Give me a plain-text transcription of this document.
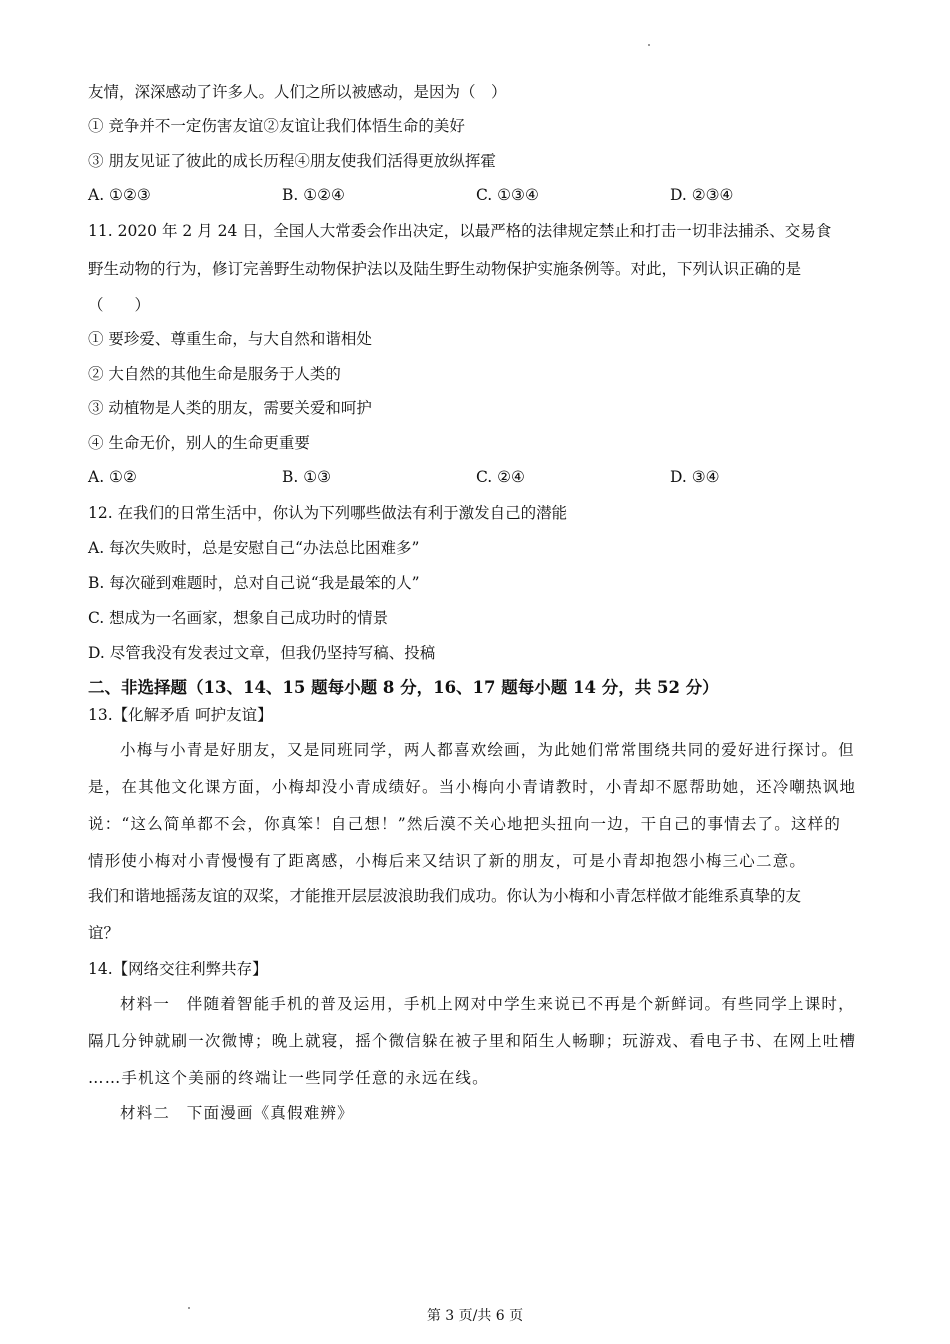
友情，深深感动了许多人。人们之所以被感动，是因为（　）
① 竞争并不一定伤害友谊②友谊让我们体悟生命的美好
③ 朋友见证了彼此的成长历程④朋友使我们活得更放纵挥霍
A. ①②③	B. ①②④	C. ①③④	D. ②③④
11. 2020 年 2 月 24 日，全国人大常委会作出决定，以最严格的法律规定禁止和打击一切非法捕杀、交易食
野生动物的行为，修订完善野生动物保护法以及陆生野生动物保护实施条例等。对此，下列认识正确的是
（　　）
① 要珍爱、尊重生命，与大自然和谐相处
② 大自然的其他生命是服务于人类的
③ 动植物是人类的朋友，需要关爱和呵护
④ 生命无价，别人的生命更重要
A. ①②	B. ①③	C. ②④	D. ③④
12. 在我们的日常生活中，你认为下列哪些做法有利于激发自己的潜能
A. 每次失败时，总是安慰自己“办法总比困难多”
B. 每次碰到难题时，总对自己说“我是最笨的人”
C. 想成为一名画家，想象自己成功时的情景
D. 尽管我没有发表过文章，但我仍坚持写稿、投稿
二、非选择题（13、14、15 题每小题 8 分，16、17 题每小题 14 分，共 52 分）
13.【化解矛盾 呵护友谊】
小梅与小青是好朋友，又是同班同学，两人都喜欢绘画，为此她们常常围绕共同的爱好进行探讨。但
是，在其他文化课方面，小梅却没小青成绩好。当小梅向小青请教时，小青却不愿帮助她，还冷嘲热讽地
说：“这么简单都不会，你真笨！自己想！”然后漠不关心地把头扭向一边，干自己的事情去了。这样的
情形使小梅对小青慢慢有了距离感，小梅后来又结识了新的朋友，可是小青却抱怨小梅三心二意。
我们和谐地摇荡友谊的双桨，才能推开层层波浪助我们成功。你认为小梅和小青怎样做才能维系真挚的友
谊？
14.【网络交往利弊共存】
材料一　伴随着智能手机的普及运用，手机上网对中学生来说已不再是个新鲜词。有些同学上课时，
隔几分钟就刷一次微博；晚上就寝，摇个微信躲在被子里和陌生人畅聊；玩游戏、看电子书、在网上吐槽
……手机这个美丽的终端让一些同学任意的永远在线。
材料二　下面漫画《真假难辨》
第 3 页/共 6 页
